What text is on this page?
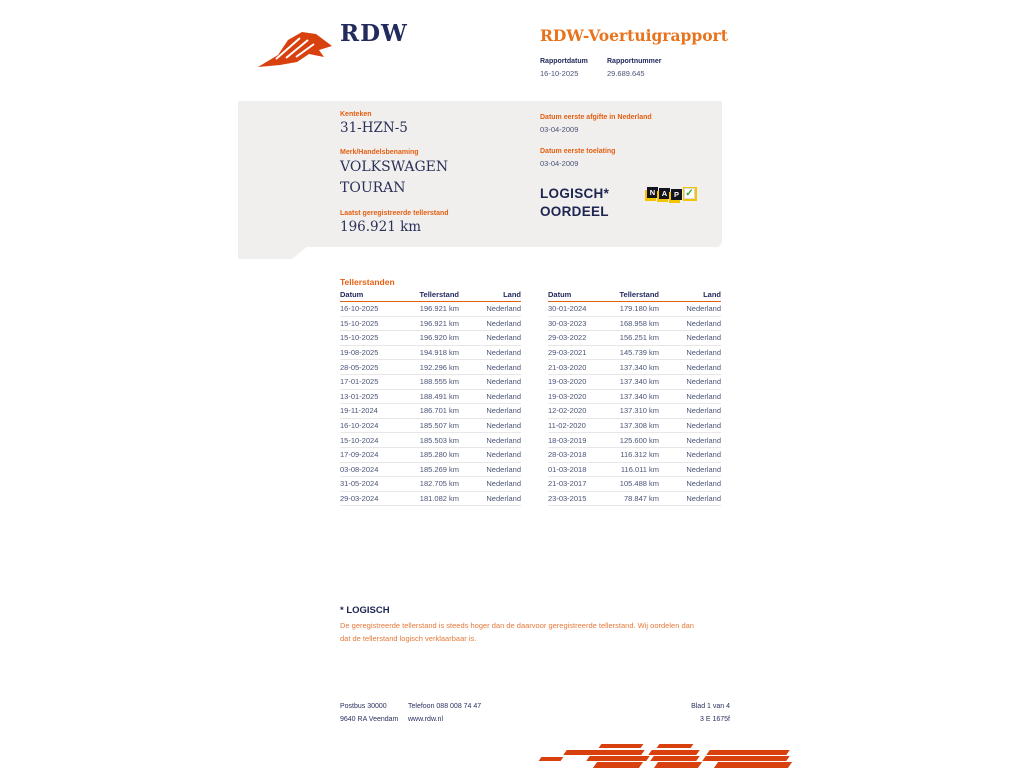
RDW	RDW-Voertuigrapport
Rapportdatum	Rapportnummer
16-10-2025	29.689.645
Kenteken
31-HZN-5
Merk/Handelsbenaming
VOLKSWAGEN
TOURAN
Laatst geregistreerde tellerstand
196.921 km
Datum eerste afgifte in Nederland
03-04-2009
Datum eerste toelating
03-04-2009
LOGISCH*
OORDEEL
N A P ✓
Tellerstanden
Datum	Tellerstand	Land
16-10-2025	196.921 km	Nederland
15-10-2025	196.921 km	Nederland
15-10-2025	196.920 km	Nederland
19-08-2025	194.918 km	Nederland
28-05-2025	192.296 km	Nederland
17-01-2025	188.555 km	Nederland
13-01-2025	188.491 km	Nederland
19-11-2024	186.701 km	Nederland
16-10-2024	185.507 km	Nederland
15-10-2024	185.503 km	Nederland
17-09-2024	185.280 km	Nederland
03-08-2024	185.269 km	Nederland
31-05-2024	182.705 km	Nederland
29-03-2024	181.082 km	Nederland
Datum	Tellerstand	Land
30-01-2024	179.180 km	Nederland
30-03-2023	168.958 km	Nederland
29-03-2022	156.251 km	Nederland
29-03-2021	145.739 km	Nederland
21-03-2020	137.340 km	Nederland
19-03-2020	137.340 km	Nederland
19-03-2020	137.340 km	Nederland
12-02-2020	137.310 km	Nederland
11-02-2020	137.308 km	Nederland
18-03-2019	125.600 km	Nederland
28-03-2018	116.312 km	Nederland
01-03-2018	116.011 km	Nederland
21-03-2017	105.488 km	Nederland
23-03-2015	78.847 km	Nederland
* LOGISCH
De geregistreerde tellerstand is steeds hoger dan de daarvoor geregistreerde tellerstand. Wij oordelen dan
dat de tellerstand logisch verklaarbaar is.
Postbus 30000
9640 RA Veendam
Telefoon 088 008 74 47
www.rdw.nl
Blad 1 van 4
3 E 1675f
